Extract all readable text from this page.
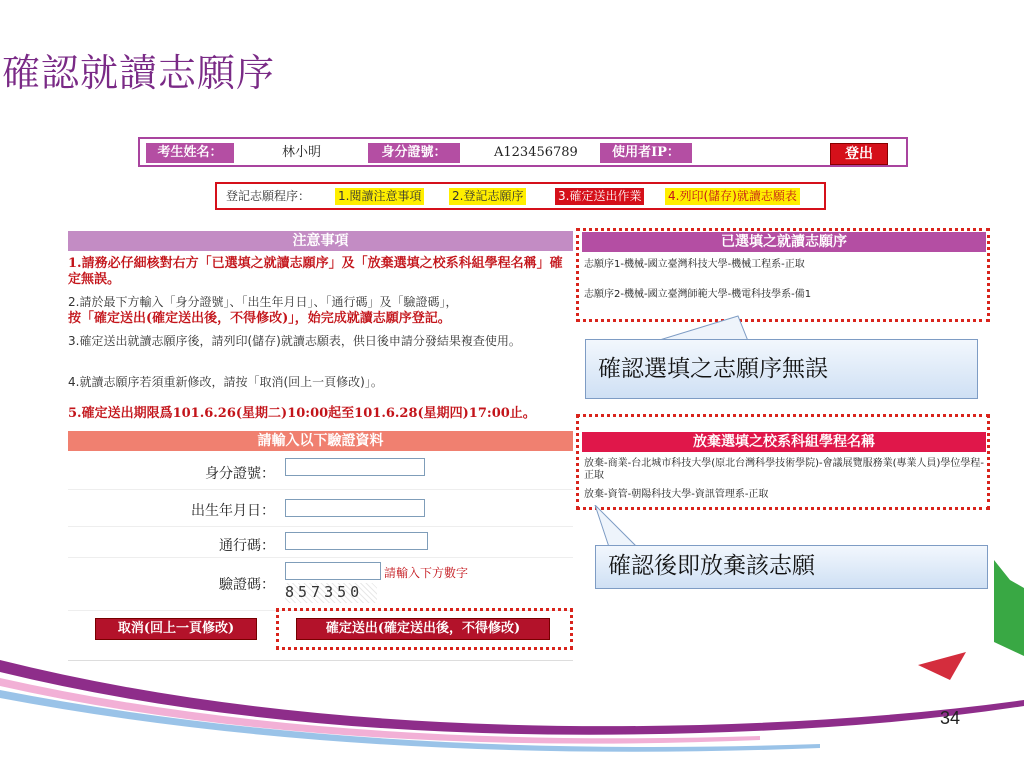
確認就讀志願序
考生姓名：	林小明	身分證號：	A123456789	使用者IP：	登出
登記志願程序： 1.閱讀注意事項	2.登記志願序	3.確定送出作業 4.列印(儲存)就讀志願表
注意事項
1.請務必仔細核對右方「已選填之就讀志願序」及「放棄選填之校系科組學程名稱」確定無誤。
2.請於最下方輸入「身分證號」、「出生年月日」、「通行碼」及「驗證碼」，
按「確定送出(確定送出後，不得修改)」，始完成就讀志願序登記。
3.確定送出就讀志願序後，請列印(儲存)就讀志願表，供日後申請分發結果複查使用。
4.就讀志願序若須重新修改，請按「取消(回上一頁修改)」。
5.確定送出期限爲101.6.26(星期二)10:00起至101.6.28(星期四)17:00止。
請輸入以下驗證資料
身分證號：
出生年月日：
通行碼：
驗證碼：
請輸入下方數字
857350
取消(回上一頁修改)	確定送出(確定送出後，不得修改)
已選填之就讀志願序
志願序1-機械-國立臺灣科技大學-機械工程系-正取
志願序2-機械-國立臺灣師範大學-機電科技學系-備1
確認選填之志願序無誤
放棄選填之校系科組學程名稱
放棄-商業-台北城市科技大學(原北台灣科學技術學院)-會議展覽服務業(專業人員)學位學程-正取
放棄-資管-朝陽科技大學-資訊管理系-正取
確認後即放棄該志願
34
